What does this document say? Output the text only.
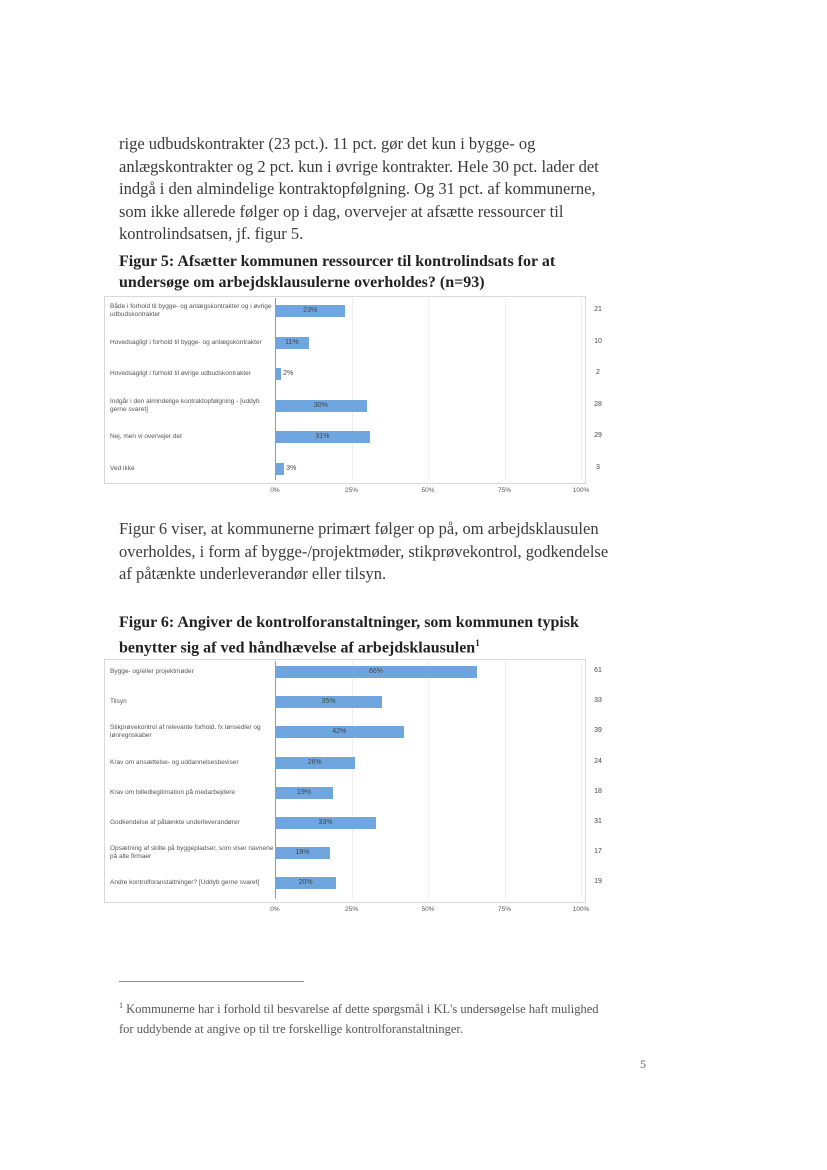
rige udbudskontrakter (23 pct.). 11 pct. gør det kun i bygge- og anlægskontrakter og 2 pct. kun i øvrige kontrakter. Hele 30 pct. lader det indgå i den almindelige kontraktopfølgning. Og 31 pct. af kommunerne, som ikke allerede følger op i dag, overvejer at afsætte ressourcer til kontrolindsatsen, jf. figur 5.

Figur 5: Afsætter kommunen ressourcer til kontrolindsats for at undersøge om arbejdsklausulerne overholdes? (n=93)

0%	25%	50%	75%	100%
Både i forhold til bygge- og anlægskontrakter og i øvrige udbudskontrakter
23%	21
Hovedsagligt i forhold til bygge- og anlægskontrakter	11%	10
Hovedsagligt i forhold til øvrige udbudskontrakter	2%	2
Indgår i den almindelige kontraktopfølgning - [uddyb gerne svaret]
30%	28
Nej, men vi overvejer det	31%	29
Ved ikke	3%	3

Figur 6 viser, at kommunerne primært følger op på, om arbejdsklausulen overholdes, i form af bygge-/projektmøder, stikprøvekontrol, godkendelse af påtænkte underleverandør eller tilsyn.

Figur 6: Angiver de kontrolforanstaltninger, som kommunen typisk benytter sig af ved håndhævelse af arbejdsklausulen$^1$

0%	25%	50%	75%	100%
Bygge- og/eller projektmøder	66%	61
Tilsyn	35%	33
Stikprøvekontrol af relevante forhold, fx lønsedler og lønregnskaber
42%	39
Krav om ansættelse- og uddannelsesbeviser	26%	24
Krav om billedlegitimation på medarbejdere	19%	18
Godkendelse af påtænkte underleverandører	33%	31
Opsætning af skilte på byggepladser, som viser navnene på alle firmaer
18%	17
Andre kontrolforanstaltninger? [Uddyb gerne svaret]	20%	19

$^1$ Kommunerne har i forhold til besvarelse af dette spørgsmål i KL's undersøgelse haft mulighed for uddybende at angive op til tre forskellige kontrolforanstaltninger.

5
